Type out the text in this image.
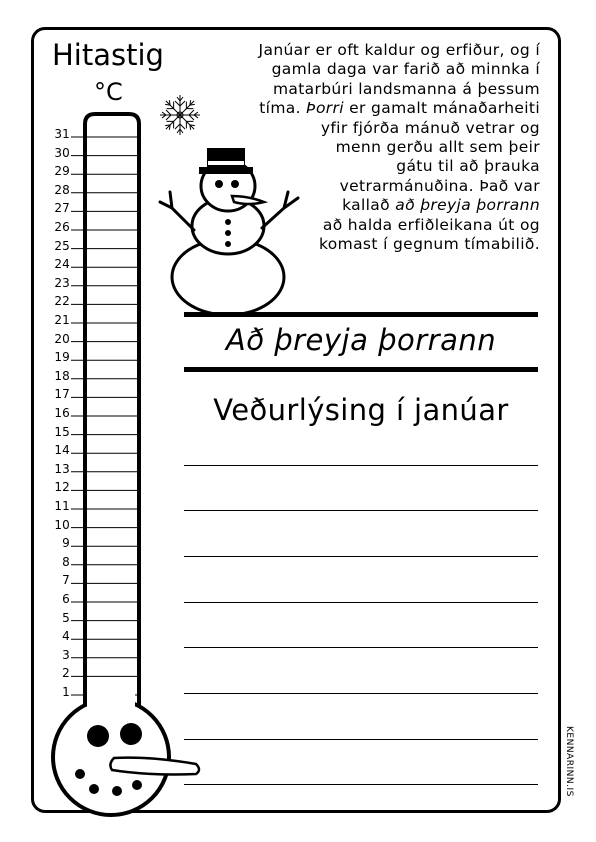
Hitastig
°C
Janúar er oft kaldur og erfiður, og í
gamla daga var farið að minnka í
matarbúri landsmanna á þessum
tíma. Þorri er gamalt mánaðarheiti
yfir fjórða mánuð vetrar og
menn gerðu allt sem þeir
gátu til að þrauka
vetrarmánuðina. Það var
kallað að þreyja þorrann
að halda erfiðleikana út og
komast í gegnum tímabilið.
Að þreyja þorrann
Veðurlýsing í janúar
31
30
29
28
27
26
25
24
23
22
21
20
19
18
17
16
15
14
13
12
11
10
9
8
7
6
5
4
3
2
1
KENNARINN.IS
